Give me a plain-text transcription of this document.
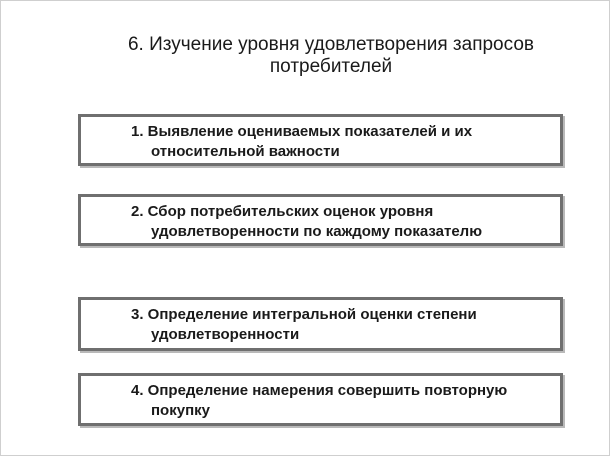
6. Изучение уровня удовлетворения запросов
потребителей
1. Выявление оцениваемых показателей и их
относительной важности
2. Сбор потребительских оценок уровня
удовлетворенности по каждому показателю
3. Определение интегральной оценки степени
удовлетворенности
4. Определение намерения совершить повторную
покупку
